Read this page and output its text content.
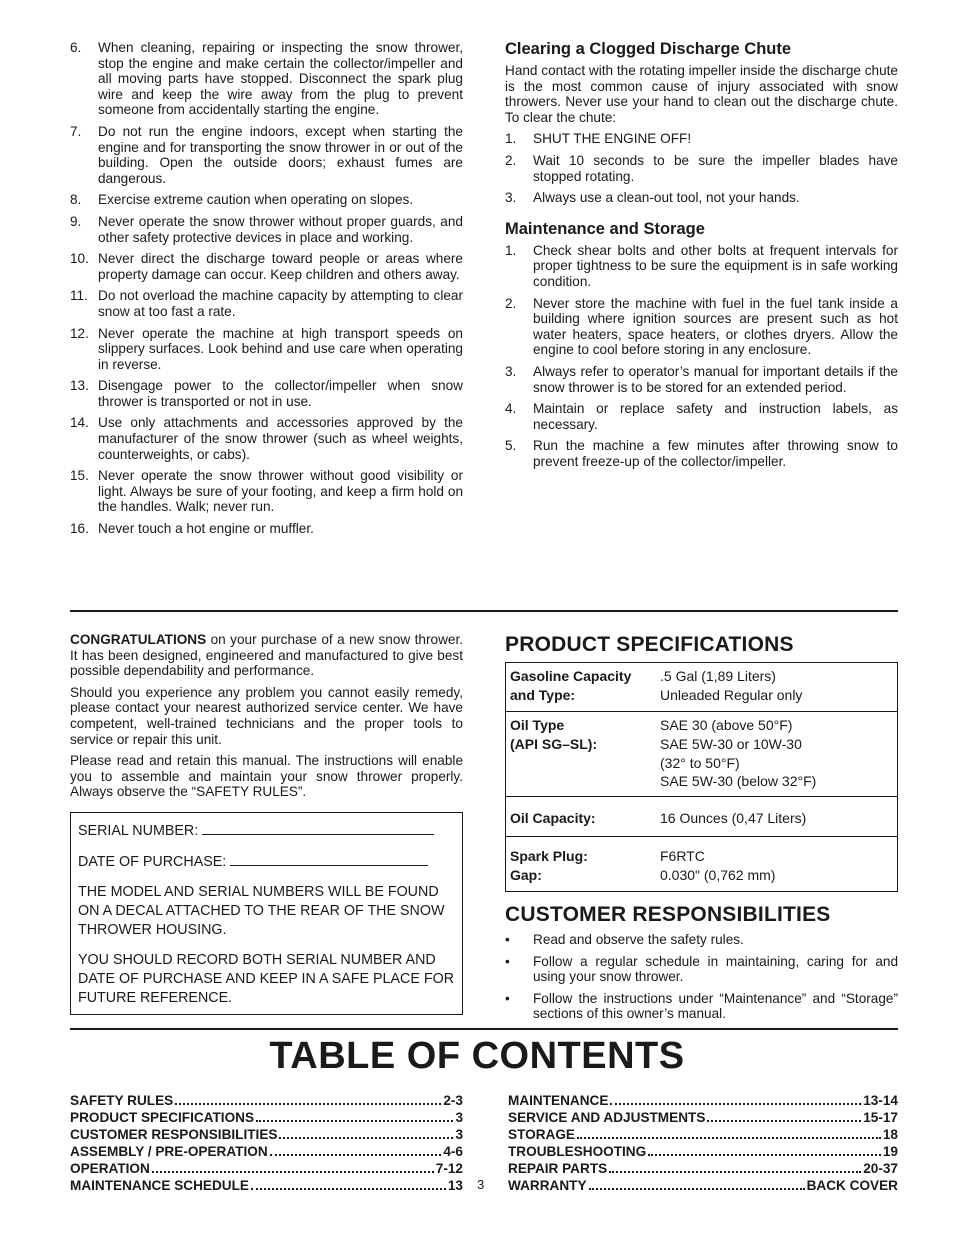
6.	When cleaning, repairing or inspecting the snow thrower, stop the engine and make certain the collector/impeller and all moving parts have stopped. Disconnect the spark plug wire and keep the wire away from the plug to prevent someone from accidentally starting the engine.
7.	Do not run the engine indoors, except when starting the engine and for transporting the snow thrower in or out of the building. Open the outside doors; exhaust fumes are dangerous.
8.	Exercise extreme caution when operating on slopes.
9.	Never operate the snow thrower without proper guards, and other safety protective devices in place and working.
10. Never direct the discharge toward people or areas where property damage can occur. Keep children and others away.
11. Do not overload the machine capacity by attempting to clear snow at too fast a rate.
12. Never operate the machine at high transport speeds on slippery surfaces. Look behind and use care when operating in reverse.
13. Disengage power to the collector/impeller when snow thrower is transported or not in use.
14. Use only attachments and accessories approved by the manufacturer of the snow thrower (such as wheel weights, counterweights, or cabs).
15. Never operate the snow thrower without good visibility or light. Always be sure of your footing, and keep a firm hold on the handles. Walk; never run.
16. Never touch a hot engine or muffler.
Clearing a Clogged Discharge Chute

Hand contact with the rotating impeller inside the discharge chute is the most common cause of injury associated with snow throwers. Never use your hand to clean out the discharge chute. To clear the chute:

1. SHUT THE ENGINE OFF!
2. Wait 10 seconds to be sure the impeller blades have stopped rotating.
3. Always use a clean-out tool, not your hands.
Maintenance and Storage
1. Check shear bolts and other bolts at frequent intervals for proper tightness to be sure the equipment is in safe working condition.
2. Never store the machine with fuel in the fuel tank inside a building where ignition sources are present such as hot water heaters, space heaters, or clothes dryers. Allow the engine to cool before storing in any enclosure.
3. Always refer to operator’s manual for important details if the snow thrower is to be stored for an extended period.
4. Maintain or replace safety and instruction labels, as necessary.
5. Run the machine a few minutes after throwing snow to prevent freeze-up of the collector/impeller.

CONGRATULATIONS on your purchase of a new snow thrower. It has been designed, engineered and manufactured to give best possible dependability and performance.

Should you experience any problem you cannot easily remedy, please contact your nearest authorized service center. We have competent, well-trained technicians and the proper tools to service or repair this unit.

Please read and retain this manual. The instructions will enable you to assemble and maintain your snow thrower properly. Always observe the “SAFETY RULES”.

SERIAL NUMBER:

DATE OF PURCHASE:

THE MODEL AND SERIAL NUMBERS WILL BE FOUND ON A DECAL ATTACHED TO THE REAR OF THE SNOW THROWER HOUSING.

YOU SHOULD RECORD BOTH SERIAL NUMBER AND DATE OF PURCHASE AND KEEP IN A SAFE PLACE FOR FUTURE REFERENCE.

PRODUCT SPECIFICATIONS
Gasoline Capacity	.5 Gal (1,89 Liters)
and Type:	Unleaded Regular only

Oil Type	SAE 30 (above 50°F)
(API SG–SL):	SAE 5W-30 or 10W-30
(32° to 50°F)
SAE 5W-30 (below 32°F)

Oil Capacity:	16 Ounces (0,47 Liters)

Spark Plug:	F6RTC
Gap:	0.030" (0,762 mm)
CUSTOMER RESPONSIBILITIES
• Read and observe the safety rules.
• Follow a regular schedule in maintaining, caring for and using your snow thrower.
• Follow the instructions under “Maintenance” and “Storage” sections of this owner’s manual.
TABLE OF CONTENTS
SAFETY RULES	2-3
PRODUCT SPECIFICATIONS	3
CUSTOMER RESPONSIBILITIES	3
ASSEMBLY / PRE-OPERATION	4-6
OPERATION	7-12
MAINTENANCE SCHEDULE	13
MAINTENANCE	13-14
SERVICE AND ADJUSTMENTS	15-17
STORAGE	18
TROUBLESHOOTING	19
REPAIR PARTS	20-37
WARRANTY	BACK COVER
3
